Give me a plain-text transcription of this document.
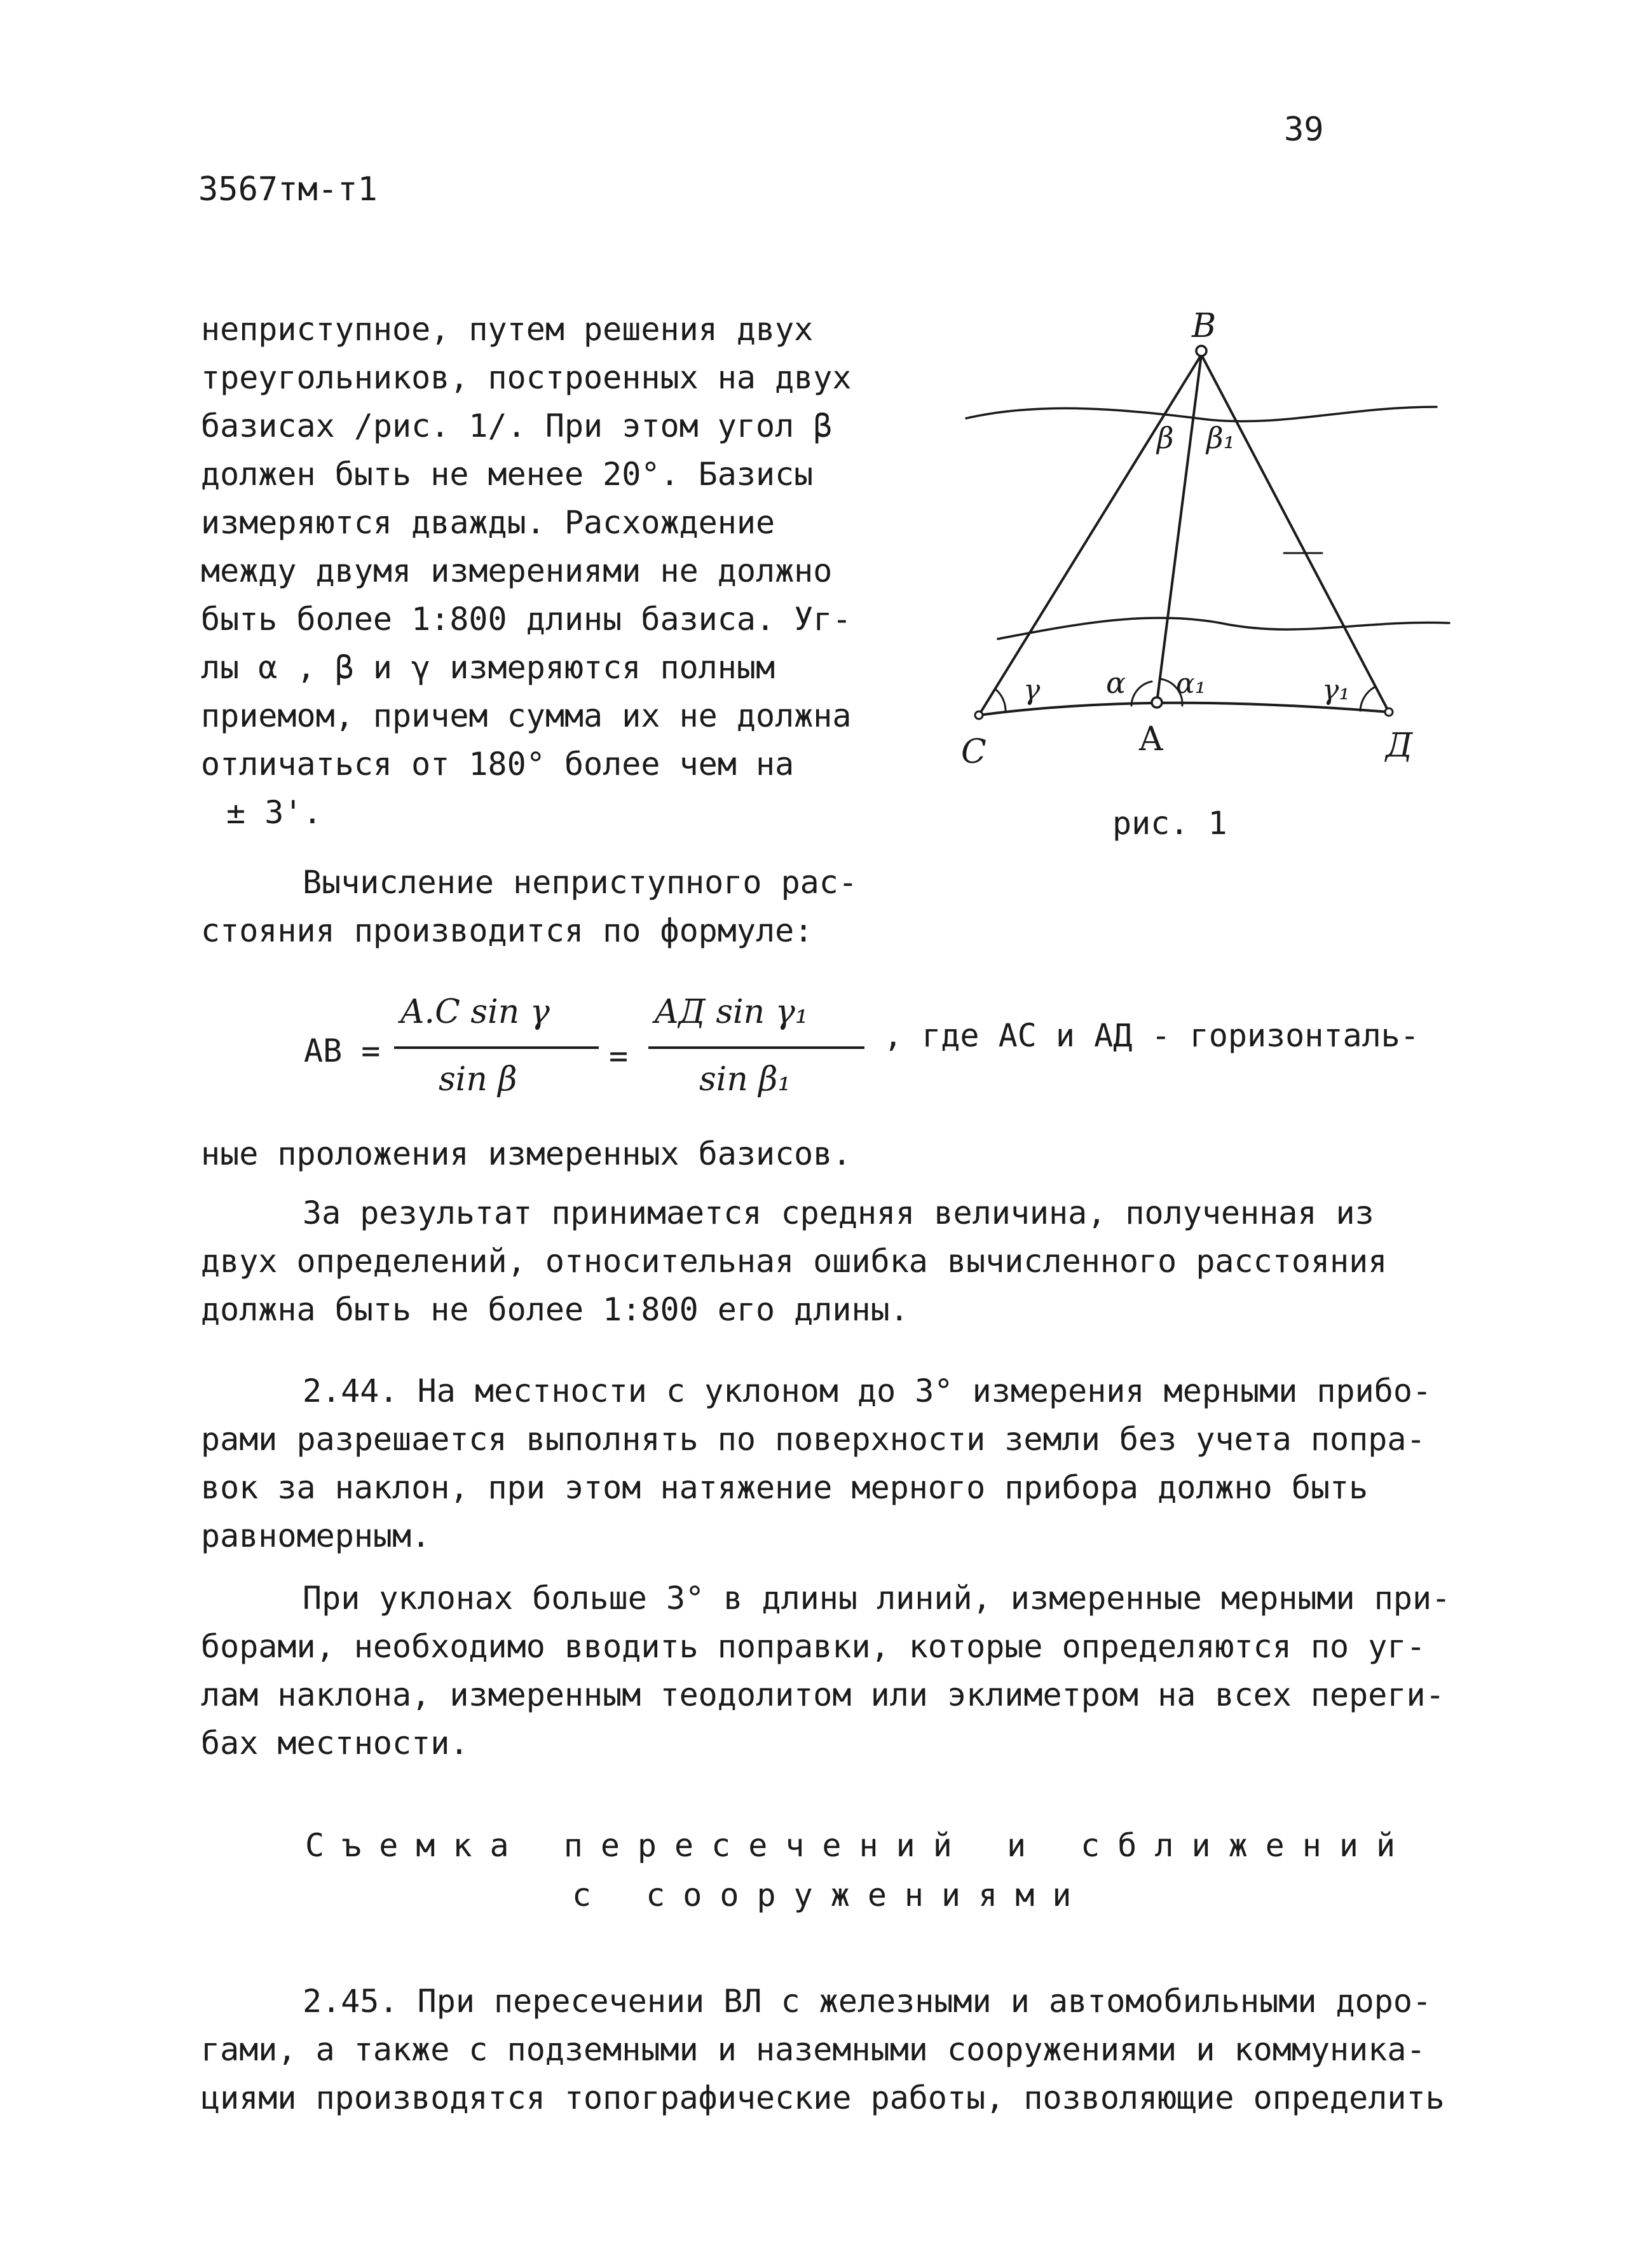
39
3567тм-т1
неприступное, путем решения двух
треугольников, построенных на двух
базисах /рис. 1/. При этом угол β
должен быть не менее 20°. Базисы
измеряются дважды. Расхождение
между двумя измерениями не должно
быть более 1:800 длины базиса. Уг-
лы α , β и γ измеряются полным
приемом, причем сумма их не должна
отличаться от 180° более чем на
± 3'.
Вычисление неприступного рас-
стояния производится по формуле:
B
C	A	Д
β β₁
γ α α₁	γ₁
рис. 1
AB =
A.C sin γ
sin β
=
AД sin γ₁
sin β₁
, где АС и АД - горизонталь-
ные проложения измеренных базисов.
За результат принимается средняя величина, полученная из
двух определений, относительная ошибка вычисленного расстояния
должна быть не более 1:800 его длины.
2.44. На местности с уклоном до 3° измерения мерными прибо-
рами разрешается выполнять по поверхности земли без учета попра-
вок за наклон, при этом натяжение мерного прибора должно быть
равномерным.
При уклонах больше 3° в длины линий, измеренные мерными при-
борами, необходимо вводить поправки, которые определяются по уг-
лам наклона, измеренным теодолитом или эклиметром на всех переги-
бах местности.
Съемка пересечений и сближений
с сооружениями
2.45. При пересечении ВЛ с железными и автомобильными доро-
гами, а также с подземными и наземными сооружениями и коммуника-
циями производятся топографические работы, позволяющие определить
